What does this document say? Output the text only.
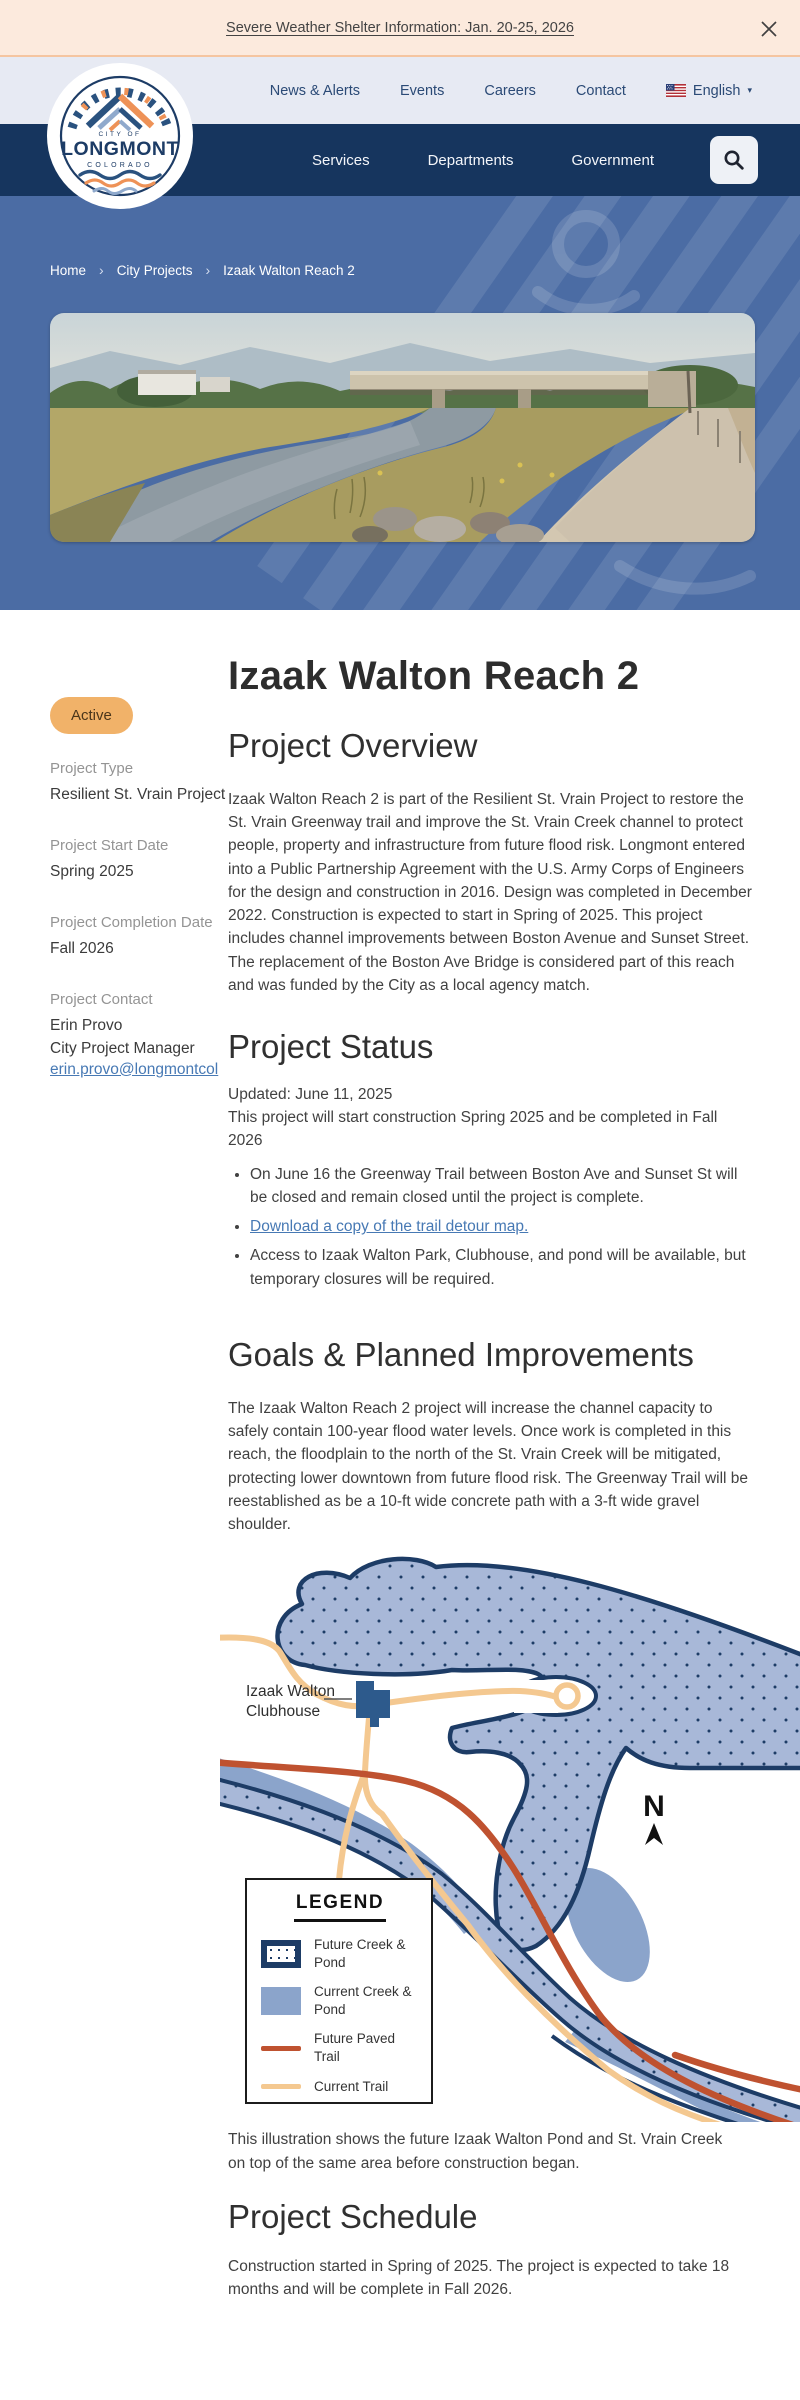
Severe Weather Shelter Information: Jan. 20-25, 2026
News & Alerts	Events	Careers	Contact	English ▾
Services	Departments	Government
CITY OF
LONGMONT
COLORADO
Home › City Projects › Izaak Walton Reach 2
Active
Project Type
Resilient St. Vrain Project
Project Start Date
Spring 2025
Project Completion Date
Fall 2026
Project Contact
Erin Provo
City Project Manager
erin.provo@longmontcol
Izaak Walton Reach 2
Project Overview

Izaak Walton Reach 2 is part of the Resilient St. Vrain Project to restore the St. Vrain Greenway trail and improve the St. Vrain Creek channel to protect people, property and infrastructure from future flood risk. Longmont entered into a Public Partnership Agreement with the U.S. Army Corps of Engineers for the design and construction in 2016. Design was completed in December 2022. Construction is expected to start in Spring of 2025. This project includes channel improvements between Boston Avenue and Sunset Street. The replacement of the Boston Ave Bridge is considered part of this reach and was funded by the City as a local agency match.

Project Status

Updated: June 11, 2025

This project will start construction Spring 2025 and be completed in Fall 2026

• On June 16 the Greenway Trail between Boston Ave and Sunset St will be closed and remain closed until the project is complete.
• Download a copy of the trail detour map.
• Access to Izaak Walton Park, Clubhouse, and pond will be available, but temporary closures will be required.
Goals & Planned Improvements

The Izaak Walton Reach 2 project will increase the channel capacity to safely contain 100-year flood water levels. Once work is completed in this reach, the floodplain to the north of the St. Vrain Creek will be mitigated, protecting lower downtown from future flood risk. The Greenway Trail will be reestablished as be a 10-ft wide concrete path with a 3-ft wide gravel shoulder.

Izaak Walton
Clubhouse
N
LEGEND
Future Creek & Pond
Current Creek & Pond
Future Paved Trail
Current Trail
This illustration shows the future Izaak Walton Pond and St. Vrain Creek
on top of the same area before construction began.
Project Schedule

Construction started in Spring of 2025. The project is expected to take 18 months and will be complete in Fall 2026.
